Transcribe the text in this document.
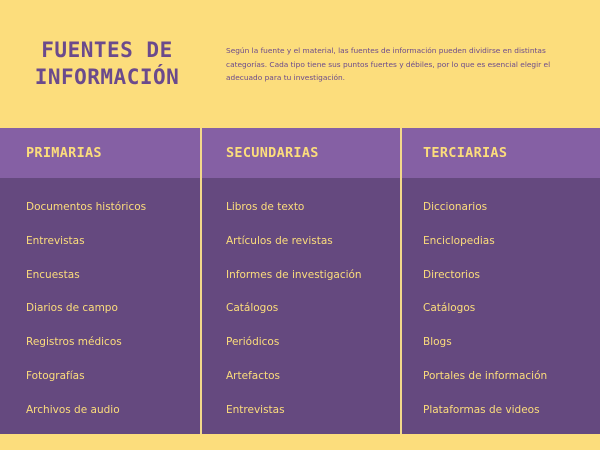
FUENTES DE
INFORMACIÓN
Según la fuente y el material, las fuentes de información pueden dividirse en distintas categorías. Cada tipo tiene sus puntos fuertes y débiles, por lo que es esencial elegir el adecuado para tu investigación.
PRIMARIAS
Documentos históricos
Entrevistas
Encuestas
Diarios de campo
Registros médicos
Fotografías
Archivos de audio
SECUNDARIAS
Libros de texto
Artículos de revistas
Informes de investigación
Catálogos
Periódicos
Artefactos
Entrevistas
TERCIARIAS
Diccionarios
Enciclopedias
Directorios
Catálogos
Blogs
Portales de información
Plataformas de videos
